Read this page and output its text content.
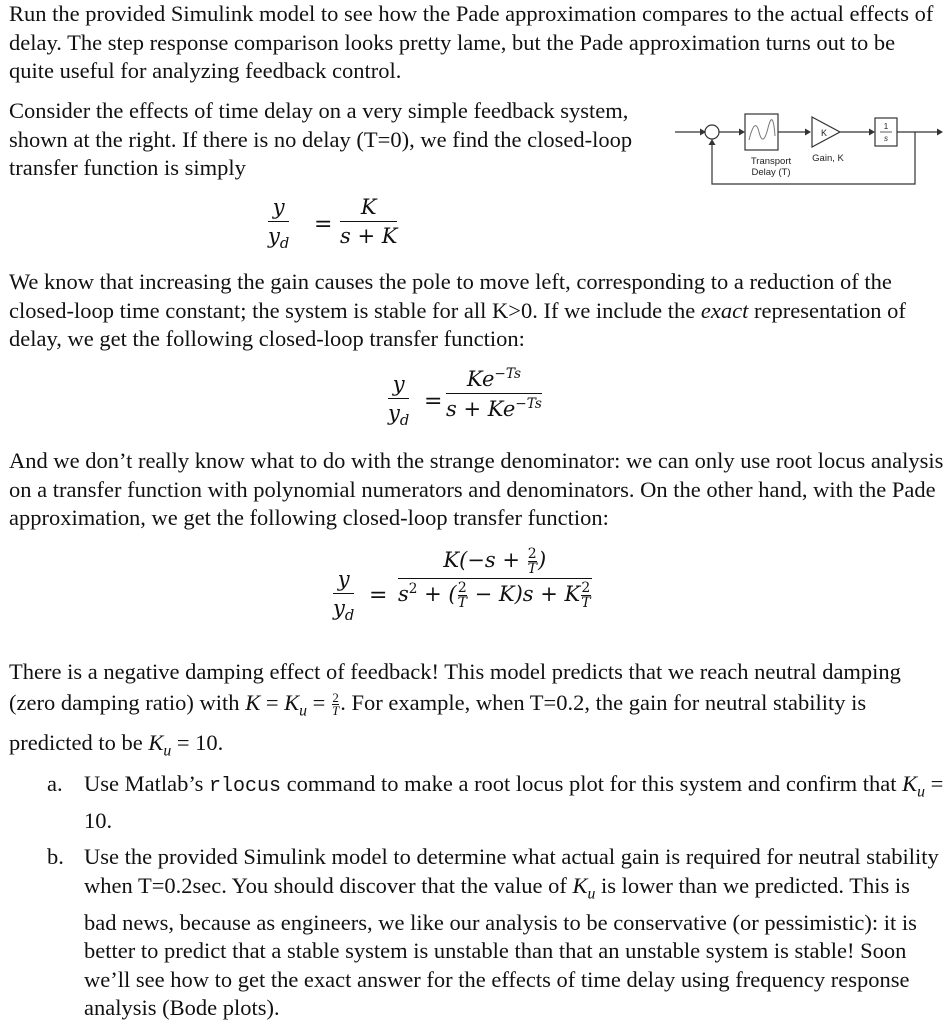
Run the provided Simulink model to see how the Pade approximation compares to the actual effects of delay. The step response comparison looks pretty lame, but the Pade approximation turns out to be quite useful for analyzing feedback control.

Consider the effects of time delay on a very simple feedback system, shown at the right. If there is no delay (T=0), we find the closed-loop transfer function is simply	Transport
Delay (T)
K
Gain, K
1
s
y
$y_d$
=
K
s + K

We know that increasing the gain causes the pole to move left, corresponding to a reduction of the closed-loop time constant; the system is stable for all K>0. If we include the exact representation of delay, we get the following closed-loop transfer function:

y
$y_d$
=
$Ke^{-Ts}$
$s + Ke^{-Ts}$

And we don’t really know what to do with the strange denominator: we can only use root locus analysis on a transfer function with polynomial numerators and denominators. On the other hand, with the Pade approximation, we get the following closed-loop transfer function:

y
$y_d$
=
$K(-s + \frac{2}{T}$ )
$s^2$ + ( $\frac{2}{T} - K)s + K \frac{2}{T}$

There is a negative damping effect of feedback! This model predicts that we reach neutral damping (zero damping ratio) with $K = K_u = \frac{2}{T}$ . For example, when T=0.2, the gain for neutral stability is predicted to be $K_u = 10$.

a. Use Matlab’s rlocus command to make a root locus plot for this system and confirm that $K_u = 10$.
b. Use the provided Simulink model to determine what actual gain is required for neutral stability when T=0.2sec. You should discover that the value of $K_u$ is lower than we predicted. This is bad news, because as engineers, we like our analysis to be conservative (or pessimistic): it is better to predict that a stable system is unstable than that an unstable system is stable! Soon we’ll see how to get the exact answer for the effects of time delay using frequency response analysis (Bode plots).
